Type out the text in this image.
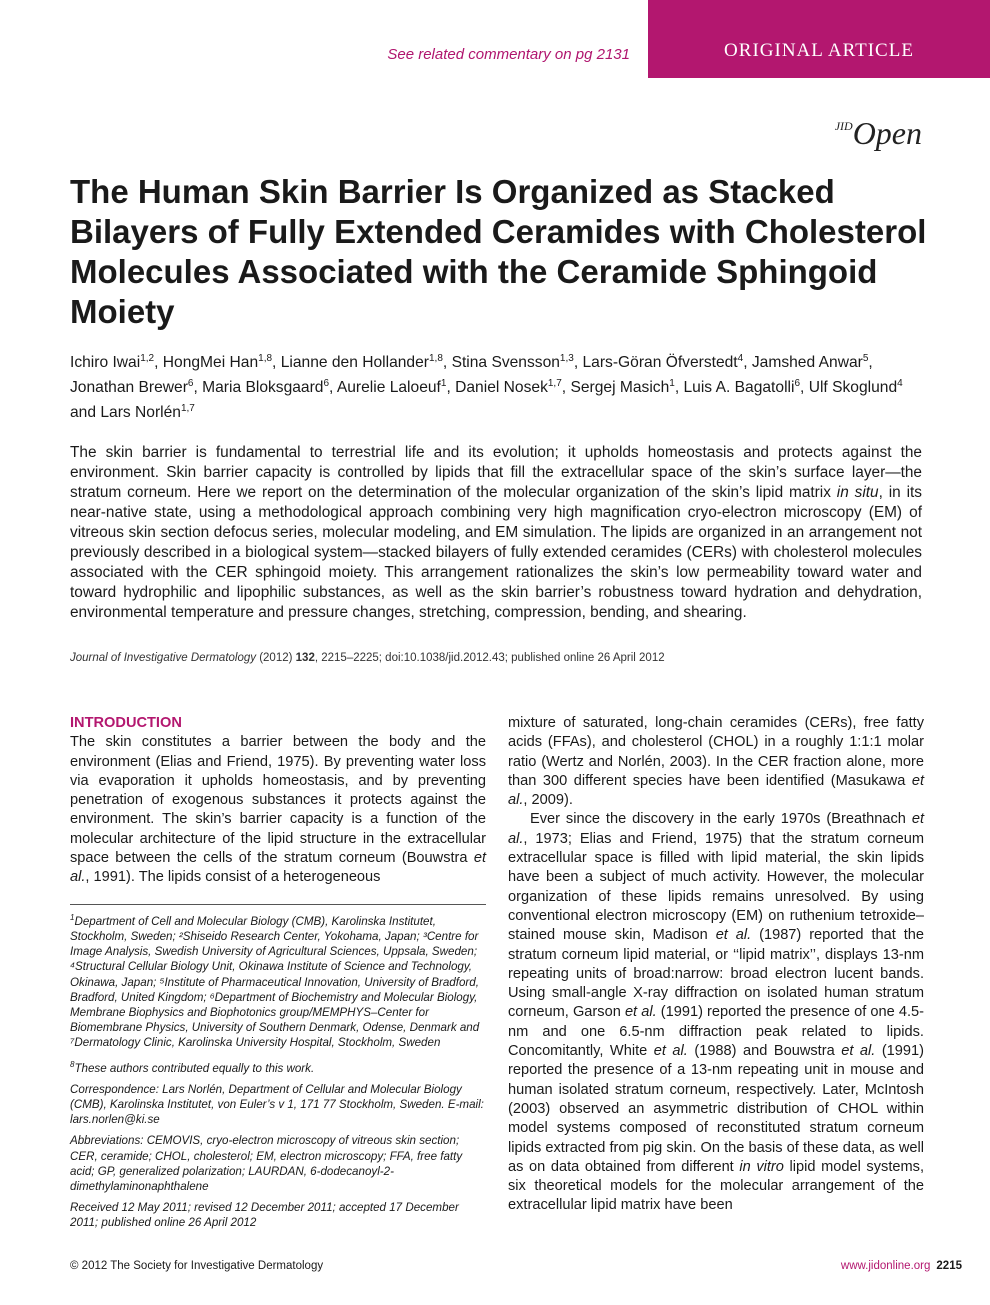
See related commentary on pg 2131	ORIGINAL ARTICLE
$^{JID}$Open
The Human Skin Barrier Is Organized as Stacked Bilayers of Fully Extended Ceramides with Cholesterol Molecules Associated with the Ceramide Sphingoid Moiety

Ichiro Iwai$^{1,2}$, HongMei Han$^{1,8}$, Lianne den Hollander$^{1,8}$, Stina Svensson$^{1,3}$, Lars-Göran Öfverstedt$^4$, Jamshed Anwar$^5$, Jonathan Brewer$^6$, Maria Bloksgaard$^6$, Aurelie Laloeuf$^1$, Daniel Nosek$^{1,7}$, Sergej Masich$^1$, Luis A. Bagatolli$^6$, Ulf Skoglund$^4$ and Lars Norlén$^{1,7}$

The skin barrier is fundamental to terrestrial life and its evolution; it upholds homeostasis and protects against the environment. Skin barrier capacity is controlled by lipids that fill the extracellular space of the skin’s surface layer—the stratum corneum. Here we report on the determination of the molecular organization of the skin’s lipid matrix in situ, in its near-native state, using a methodological approach combining very high magnification cryo-electron microscopy (EM) of vitreous skin section defocus series, molecular modeling, and EM simulation. The lipids are organized in an arrangement not previously described in a biological system—stacked bilayers of fully extended ceramides (CERs) with cholesterol molecules associated with the CER sphingoid moiety. This arrangement rationalizes the skin’s low permeability toward water and toward hydrophilic and lipophilic substances, as well as the skin barrier’s robustness toward hydration and dehydration, environmental temperature and pressure changes, stretching, compression, bending, and shearing.

Journal of Investigative Dermatology (2012) 132, 2215–2225; doi:10.1038/jid.2012.43; published online 26 April 2012
INTRODUCTION

The skin constitutes a barrier between the body and the environment (Elias and Friend, 1975). By preventing water loss via evaporation it upholds homeostasis, and by preventing penetration of exogenous substances it protects against the environment. The skin’s barrier capacity is a function of the molecular architecture of the lipid structure in the extracellular space between the cells of the stratum corneum (Bouwstra et al., 1991). The lipids consist of a heterogeneous

mixture of saturated, long-chain ceramides (CERs), free fatty acids (FFAs), and cholesterol (CHOL) in a roughly 1:1:1 molar ratio (Wertz and Norlén, 2003). In the CER fraction alone, more than 300 different species have been identified (Masukawa et al., 2009).

Ever since the discovery in the early 1970s (Breathnach et al., 1973; Elias and Friend, 1975) that the stratum corneum extracellular space is filled with lipid material, the skin lipids have been a subject of much activity. However, the molecular organization of these lipids remains unresolved. By using conventional electron microscopy (EM) on ruthenium tetroxide–stained mouse skin, Madison et al. (1987) reported that the stratum corneum lipid material, or ‘‘lipid matrix’’, displays 13-nm repeating units of broad:narrow: broad electron lucent bands. Using small-angle X-ray diffraction on isolated human stratum corneum, Garson et al. (1991) reported the presence of one 4.5-nm and one 6.5-nm diffraction peak related to lipids. Concomitantly, White et al. (1988) and Bouwstra et al. (1991) reported the presence of a 13-nm repeating unit in mouse and human isolated stratum corneum, respectively. Later, McIntosh (2003) observed an asymmetric distribution of CHOL within model systems composed of reconstituted stratum corneum lipids extracted from pig skin. On the basis of these data, as well as on data obtained from different in vitro lipid model systems, six theoretical models for the molecular arrangement of the extracellular lipid matrix have been

$^1$Department of Cell and Molecular Biology (CMB), Karolinska Institutet, Stockholm, Sweden; ²Shiseido Research Center, Yokohama, Japan; ³Centre for Image Analysis, Swedish University of Agricultural Sciences, Uppsala, Sweden; ⁴Structural Cellular Biology Unit, Okinawa Institute of Science and Technology, Okinawa, Japan; ⁵Institute of Pharmaceutical Innovation, University of Bradford, Bradford, United Kingdom; ⁶Department of Biochemistry and Molecular Biology, Membrane Biophysics and Biophotonics group/MEMPHYS–Center for Biomembrane Physics, University of Southern Denmark, Odense, Denmark and ⁷Dermatology Clinic, Karolinska University Hospital, Stockholm, Sweden

$^8$These authors contributed equally to this work.

Correspondence: Lars Norlén, Department of Cellular and Molecular Biology (CMB), Karolinska Institutet, von Euler’s v 1, 171 77 Stockholm, Sweden. E-mail: lars.norlen@ki.se

Abbreviations: CEMOVIS, cryo-electron microscopy of vitreous skin section; CER, ceramide; CHOL, cholesterol; EM, electron microscopy; FFA, free fatty acid; GP, generalized polarization; LAURDAN, 6-dodecanoyl-2-dimethylaminonaphthalene

Received 12 May 2011; revised 12 December 2011; accepted 17 December 2011; published online 26 April 2012

© 2012 The Society for Investigative Dermatology	www.jidonline.org 2215
